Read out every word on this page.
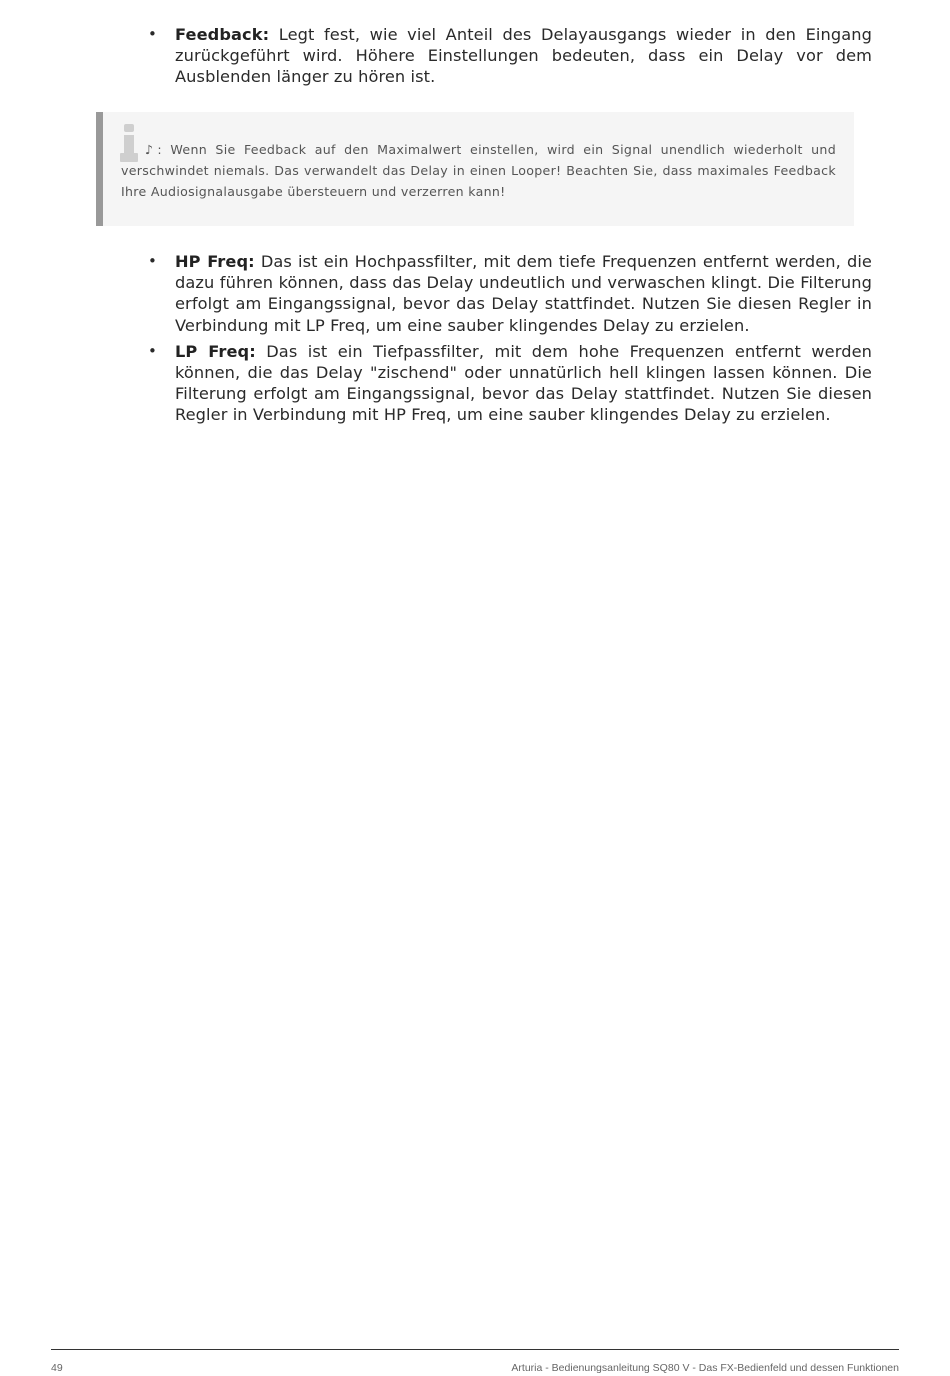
• Feedback: Legt fest, wie viel Anteil des Delayausgangs wieder in den Eingang zurückgeführt wird. Höhere Einstellungen bedeuten, dass ein Delay vor dem Ausblenden länger zu hören ist.
♪: Wenn Sie Feedback auf den Maximalwert einstellen, wird ein Signal unendlich wiederholt und verschwindet niemals. Das verwandelt das Delay in einen Looper! Beachten Sie, dass maximales Feedback Ihre Audiosignalausgabe übersteuern und verzerren kann!
• HP Freq: Das ist ein Hochpassfilter, mit dem tiefe Frequenzen entfernt werden, die dazu führen können, dass das Delay undeutlich und verwaschen klingt. Die Filterung erfolgt am Eingangssignal, bevor das Delay stattfindet. Nutzen Sie diesen Regler in Verbindung mit LP Freq, um eine sauber klingendes Delay zu erzielen.
• LP Freq: Das ist ein Tiefpassfilter, mit dem hohe Frequenzen entfernt werden können, die das Delay "zischend" oder unnatürlich hell klingen lassen können. Die Filterung erfolgt am Eingangssignal, bevor das Delay stattfindet. Nutzen Sie diesen Regler in Verbindung mit HP Freq, um eine sauber klingendes Delay zu erzielen.
49	Arturia - Bedienungsanleitung SQ80 V - Das FX-Bedienfeld und dessen Funktionen
